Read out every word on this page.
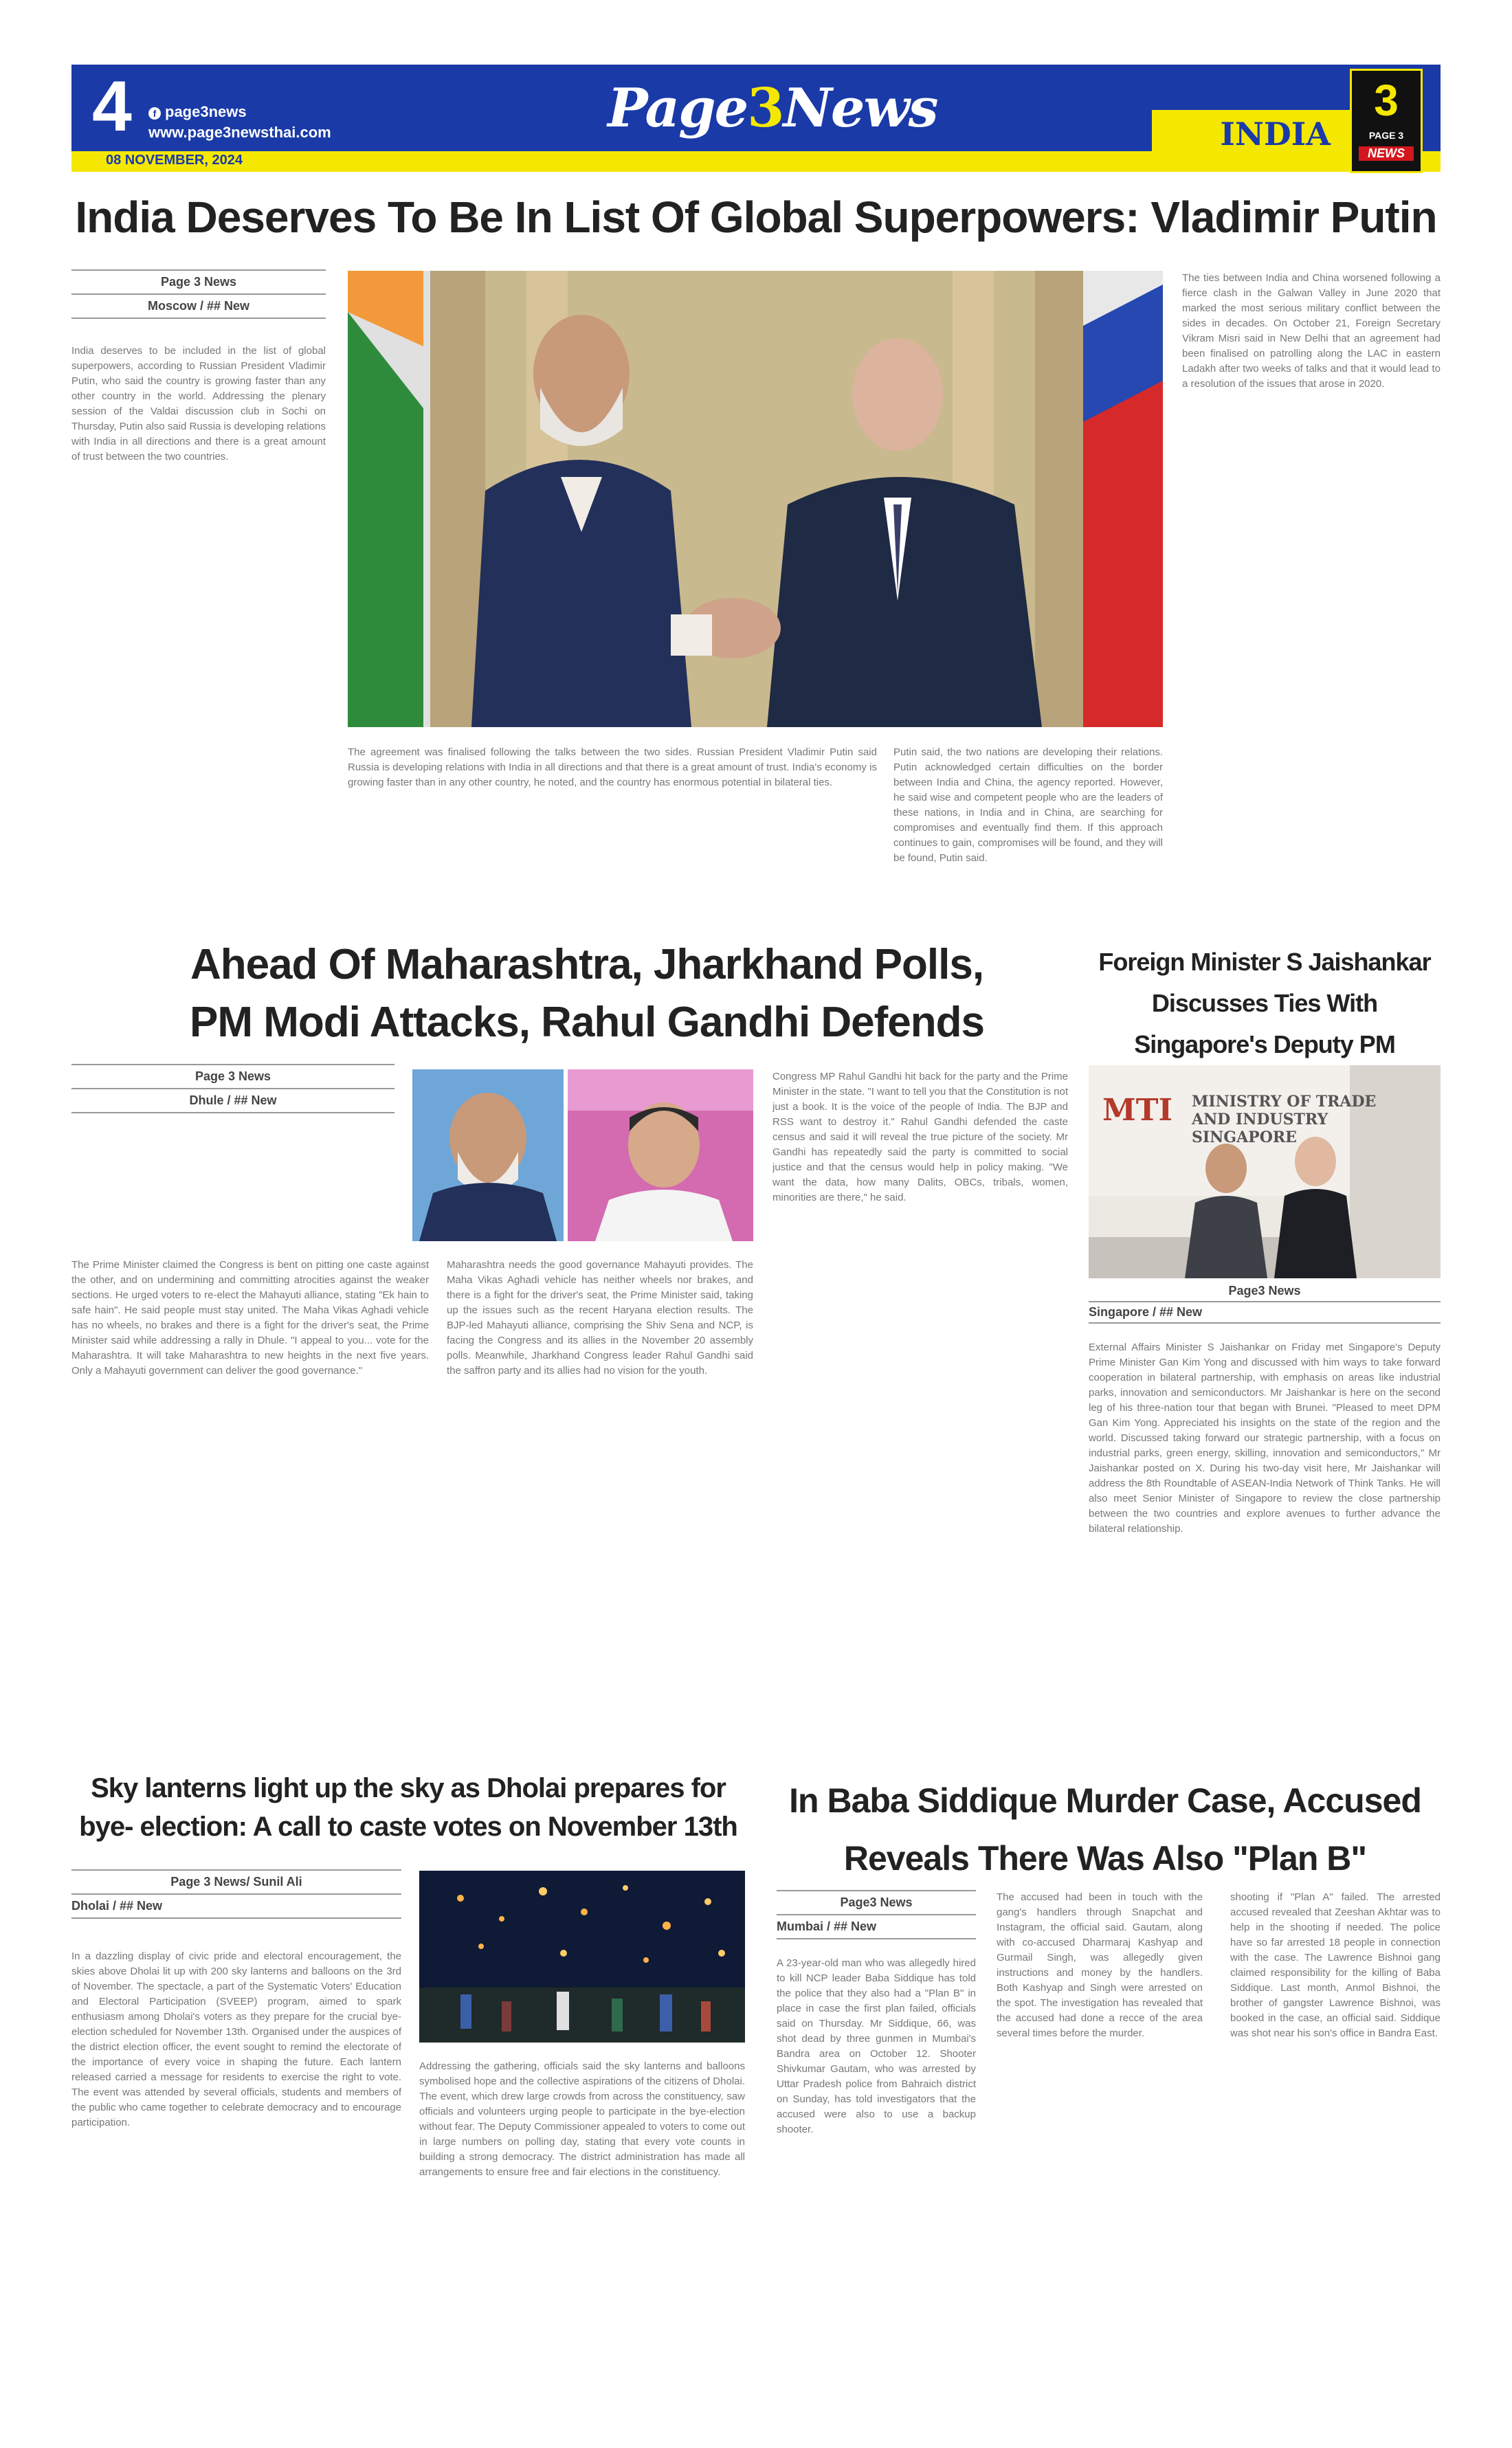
4	f page3news
www.page3newsthai.com
08 NOVEMBER, 2024
Page3News	INDIA
3
PAGE 3
NEWS
India Deserves To Be In List Of Global Superpowers: Vladimir Putin
Page 3 News
Moscow / ## New
India deserves to be included in the list of global superpowers, according to Russian President Vladimir Putin, who said the country is growing faster than any other country in the world. Addressing the plenary session of the Valdai discussion club in Sochi on Thursday, Putin also said Russia is developing relations with India in all directions and there is a great amount of trust between the two countries.
The ties between India and China worsened following a fierce clash in the Galwan Valley in June 2020 that marked the most serious military conflict between the sides in decades. On October 21, Foreign Secretary Vikram Misri said in New Delhi that an agreement had been finalised on patrolling along the LAC in eastern Ladakh after two weeks of talks and that it would lead to a resolution of the issues that arose in 2020.
The agreement was finalised following the talks between the two sides. Russian President Vladimir Putin said Russia is developing relations with India in all directions and that there is a great amount of trust. India's economy is growing faster than in any other country, he noted, and the country has enormous potential in bilateral ties.
Putin said, the two nations are developing their relations. Putin acknowledged certain difficulties on the border between India and China, the agency reported. However, he said wise and competent people who are the leaders of these nations, in India and in China, are searching for compromises and eventually find them. If this approach continues to gain, compromises will be found, and they will be found, Putin said.
Ahead Of Maharashtra, Jharkhand Polls,
PM Modi Attacks, Rahul Gandhi Defends
Page 3 News
Dhule / ## New
The Prime Minister claimed the Congress is bent on pitting one caste against the other, and on undermining and committing atrocities against the weaker sections. He urged voters to re-elect the Mahayuti alliance, stating "Ek hain to safe hain". He said people must stay united. The Maha Vikas Aghadi vehicle has no wheels, no brakes and there is a fight for the driver's seat, the Prime Minister said while addressing a rally in Dhule. "I appeal to you... vote for the Maharashtra. It will take Maharashtra to new heights in the next five years. Only a Mahayuti government can deliver the good governance."
Maharashtra needs the good governance Mahayuti provides. The Maha Vikas Aghadi vehicle has neither wheels nor brakes, and there is a fight for the driver's seat, the Prime Minister said, taking up the issues such as the recent Haryana election results. The BJP-led Mahayuti alliance, comprising the Shiv Sena and NCP, is facing the Congress and its allies in the November 20 assembly polls. Meanwhile, Jharkhand Congress leader Rahul Gandhi said the saffron party and its allies had no vision for the youth.
Congress MP Rahul Gandhi hit back for the party and the Prime Minister in the state. "I want to tell you that the Constitution is not just a book. It is the voice of the people of India. The BJP and RSS want to destroy it." Rahul Gandhi defended the caste census and said it will reveal the true picture of the society. Mr Gandhi has repeatedly said the party is committed to social justice and that the census would help in policy making. "We want the data, how many Dalits, OBCs, tribals, women, minorities are there," he said.
Foreign Minister S Jaishankar
Discusses Ties With
Singapore's Deputy PM
MTI MINISTRY OF TRADE
AND INDUSTRY
SINGAPORE
Page3 News
Singapore / ## New
External Affairs Minister S Jaishankar on Friday met Singapore's Deputy Prime Minister Gan Kim Yong and discussed with him ways to take forward cooperation in bilateral partnership, with emphasis on areas like industrial parks, innovation and semiconductors. Mr Jaishankar is here on the second leg of his three-nation tour that began with Brunei. "Pleased to meet DPM Gan Kim Yong. Appreciated his insights on the state of the region and the world. Discussed taking forward our strategic partnership, with a focus on industrial parks, green energy, skilling, innovation and semiconductors," Mr Jaishankar posted on X. During his two-day visit here, Mr Jaishankar will address the 8th Roundtable of ASEAN-India Network of Think Tanks. He will also meet Senior Minister of Singapore to review the close partnership between the two countries and explore avenues to further advance the bilateral relationship.
Sky lanterns light up the sky as Dholai prepares for
bye- election: A call to caste votes on November 13th
Page 3 News/ Sunil Ali
Dholai / ## New
In a dazzling display of civic pride and electoral encouragement, the skies above Dholai lit up with 200 sky lanterns and balloons on the 3rd of November. The spectacle, a part of the Systematic Voters' Education and Electoral Participation (SVEEP) program, aimed to spark enthusiasm among Dholai's voters as they prepare for the crucial bye-election scheduled for November 13th. Organised under the auspices of the district election officer, the event sought to remind the electorate of the importance of every voice in shaping the future. Each lantern released carried a message for residents to exercise the right to vote. The event was attended by several officials, students and members of the public who came together to celebrate democracy and to encourage participation.
Addressing the gathering, officials said the sky lanterns and balloons symbolised hope and the collective aspirations of the citizens of Dholai. The event, which drew large crowds from across the constituency, saw officials and volunteers urging people to participate in the bye-election without fear. The Deputy Commissioner appealed to voters to come out in large numbers on polling day, stating that every vote counts in building a strong democracy. The district administration has made all arrangements to ensure free and fair elections in the constituency.
In Baba Siddique Murder Case, Accused
Reveals There Was Also "Plan B"
Page3 News
Mumbai / ## New
A 23-year-old man who was allegedly hired to kill NCP leader Baba Siddique has told the police that they also had a "Plan B" in place in case the first plan failed, officials said on Thursday. Mr Siddique, 66, was shot dead by three gunmen in Mumbai's Bandra area on October 12. Shooter Shivkumar Gautam, who was arrested by Uttar Pradesh police from Bahraich district on Sunday, has told investigators that the accused were also to use a backup shooter.
The accused had been in touch with the gang's handlers through Snapchat and Instagram, the official said. Gautam, along with co-accused Dharmaraj Kashyap and Gurmail Singh, was allegedly given instructions and money by the handlers. Both Kashyap and Singh were arrested on the spot. The investigation has revealed that the accused had done a recce of the area several times before the murder.
shooting if "Plan A" failed. The arrested accused revealed that Zeeshan Akhtar was to help in the shooting if needed. The police have so far arrested 18 people in connection with the case. The Lawrence Bishnoi gang claimed responsibility for the killing of Baba Siddique. Last month, Anmol Bishnoi, the brother of gangster Lawrence Bishnoi, was booked in the case, an official said. Siddique was shot near his son's office in Bandra East.
